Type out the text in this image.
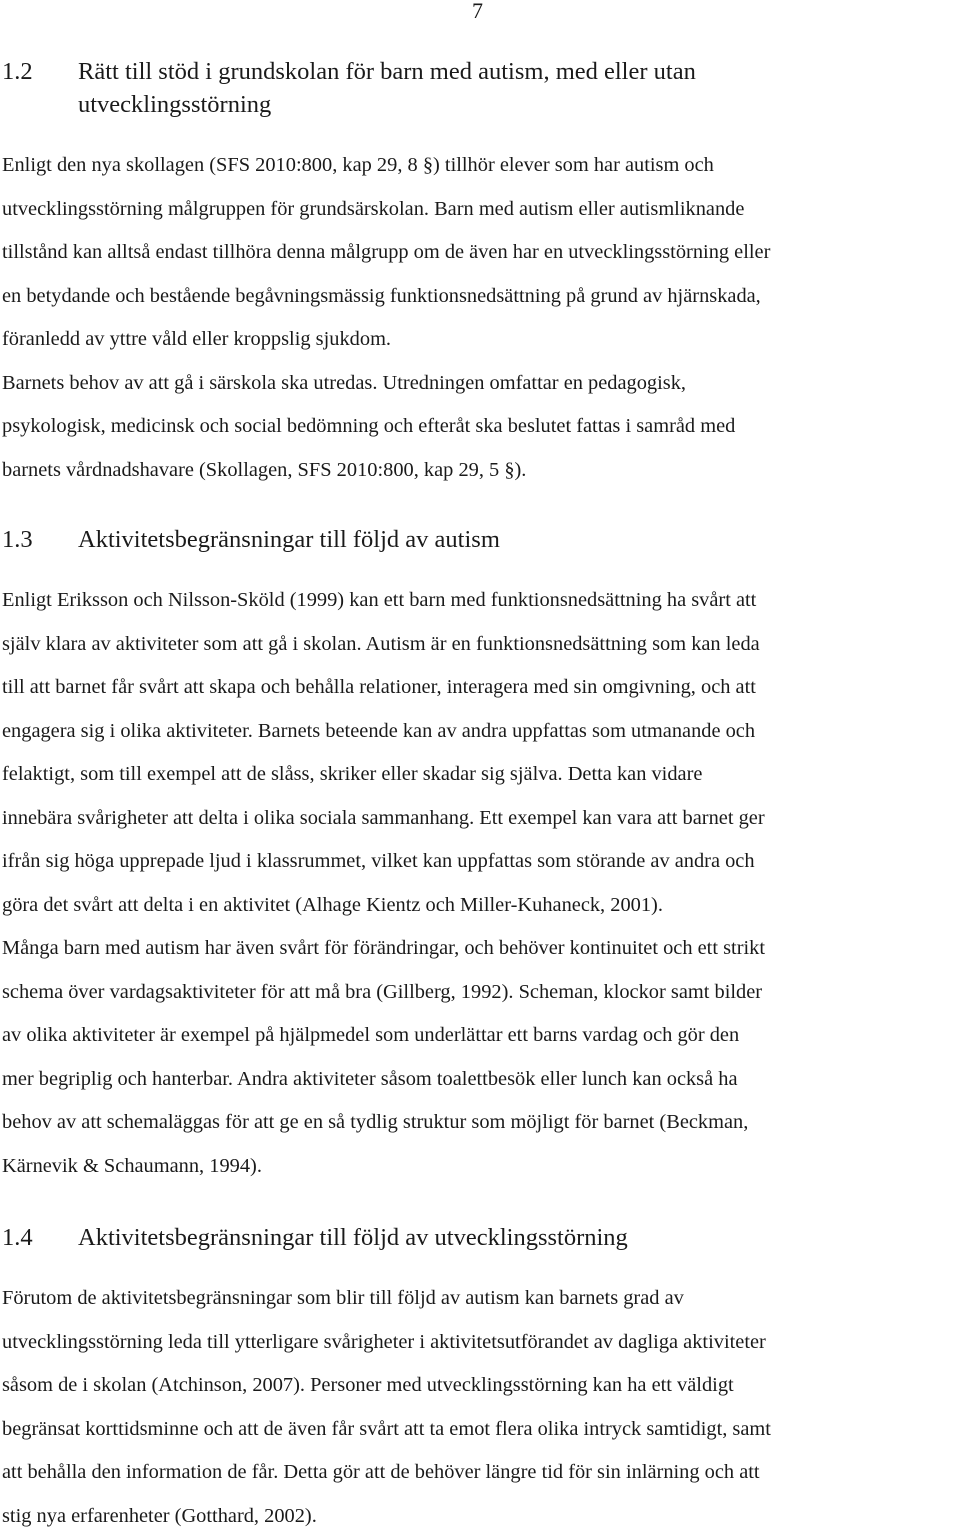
7
1.2 Rätt till stöd i grundskolan för barn med autism, med eller utan
utvecklingsstörning
Enligt den nya skollagen (SFS 2010:800, kap 29, 8 §) tillhör elever som har autism och
utvecklingsstörning målgruppen för grundsärskolan. Barn med autism eller autismliknande
tillstånd kan alltså endast tillhöra denna målgrupp om de även har en utvecklingsstörning eller
en betydande och bestående begåvningsmässig funktionsnedsättning på grund av hjärnskada,
föranledd av yttre våld eller kroppslig sjukdom.
Barnets behov av att gå i särskola ska utredas. Utredningen omfattar en pedagogisk,
psykologisk, medicinsk och social bedömning och efteråt ska beslutet fattas i samråd med
barnets vårdnadshavare (Skollagen, SFS 2010:800, kap 29, 5 §).
1.3 Aktivitetsbegränsningar till följd av autism
Enligt Eriksson och Nilsson-Sköld (1999) kan ett barn med funktionsnedsättning ha svårt att
själv klara av aktiviteter som att gå i skolan. Autism är en funktionsnedsättning som kan leda
till att barnet får svårt att skapa och behålla relationer, interagera med sin omgivning, och att
engagera sig i olika aktiviteter. Barnets beteende kan av andra uppfattas som utmanande och
felaktigt, som till exempel att de slåss, skriker eller skadar sig själva. Detta kan vidare
innebära svårigheter att delta i olika sociala sammanhang. Ett exempel kan vara att barnet ger
ifrån sig höga upprepade ljud i klassrummet, vilket kan uppfattas som störande av andra och
göra det svårt att delta i en aktivitet (Alhage Kientz och Miller-Kuhaneck, 2001).
Många barn med autism har även svårt för förändringar, och behöver kontinuitet och ett strikt
schema över vardagsaktiviteter för att må bra (Gillberg, 1992). Scheman, klockor samt bilder
av olika aktiviteter är exempel på hjälpmedel som underlättar ett barns vardag och gör den
mer begriplig och hanterbar. Andra aktiviteter såsom toalettbesök eller lunch kan också ha
behov av att schemaläggas för att ge en så tydlig struktur som möjligt för barnet (Beckman,
Kärnevik & Schaumann, 1994).
1.4 Aktivitetsbegränsningar till följd av utvecklingsstörning
Förutom de aktivitetsbegränsningar som blir till följd av autism kan barnets grad av
utvecklingsstörning leda till ytterligare svårigheter i aktivitetsutförandet av dagliga aktiviteter
såsom de i skolan (Atchinson, 2007). Personer med utvecklingsstörning kan ha ett väldigt
begränsat korttidsminne och att de även får svårt att ta emot flera olika intryck samtidigt, samt
att behålla den information de får. Detta gör att de behöver längre tid för sin inlärning och att
stig nya erfarenheter (Gotthard, 2002).
